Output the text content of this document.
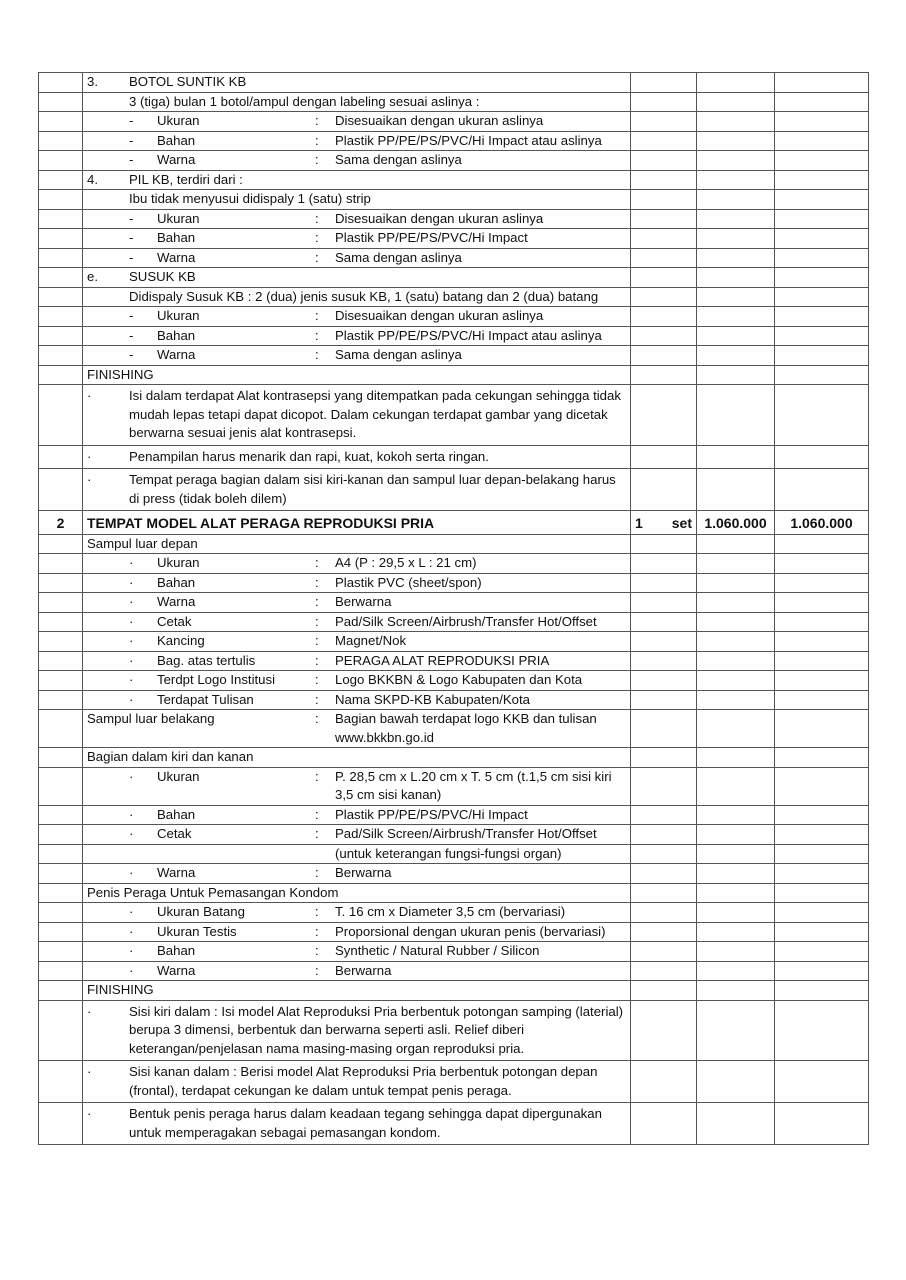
	3. BOTOL SUNTIK KB			

	3 (tiga) bulan 1 botol/ampul dengan labeling sesuai aslinya :			

	- Ukuran : Disesuaikan dengan ukuran aslinya			

	- Bahan : Plastik PP/PE/PS/PVC/Hi Impact atau aslinya			

	- Warna : Sama dengan aslinya			

	4. PIL KB, terdiri dari :			

	Ibu tidak menyusui didispaly 1 (satu) strip			

	- Ukuran : Disesuaikan dengan ukuran aslinya			

	- Bahan : Plastik PP/PE/PS/PVC/Hi Impact			

	- Warna : Sama dengan aslinya			

	e. SUSUK KB			

	Didispaly Susuk KB : 2 (dua) jenis susuk KB, 1 (satu) batang dan 2 (dua) batang			

	- Ukuran : Disesuaikan dengan ukuran aslinya			

	- Bahan : Plastik PP/PE/PS/PVC/Hi Impact atau aslinya			

	- Warna : Sama dengan aslinya			

	FINISHING			

	· Isi dalam terdapat Alat kontrasepsi yang ditempatkan pada cekungan sehingga tidak mudah lepas tetapi dapat dicopot. Dalam cekungan terdapat gambar yang dicetak berwarna sesuai jenis alat kontrasepsi.			

	· Penampilan harus menarik dan rapi, kuat, kokoh serta ringan.			

	· Tempat peraga bagian dalam sisi kiri-kanan dan sampul luar depan-belakang harus di press (tidak boleh dilem)			

2	TEMPAT MODEL ALAT PERAGA REPRODUKSI PRIA	1 set	1.060.000	1.060.000

	Sampul luar depan			

	· Ukuran : A4 (P : 29,5 x L : 21 cm)			

	· Bahan : Plastik PVC (sheet/spon)			

	· Warna : Berwarna			

	· Cetak : Pad/Silk Screen/Airbrush/Transfer Hot/Offset			

	· Kancing : Magnet/Nok			

	· Bag. atas tertulis : PERAGA ALAT REPRODUKSI PRIA			

	· Terdpt Logo Institusi : Logo BKKBN & Logo Kabupaten dan Kota			

	· Terdapat Tulisan : Nama SKPD-KB Kabupaten/Kota			

	Sampul luar belakang : Bagian bawah terdapat logo KKB dan tulisan www.bkkbn.go.id			

	Bagian dalam kiri dan kanan			

	· Ukuran : P. 28,5 cm x L.20 cm x T. 5 cm (t.1,5 cm sisi kiri 3,5 cm sisi kanan)			

	· Bahan : Plastik PP/PE/PS/PVC/Hi Impact			

	· Cetak : Pad/Silk Screen/Airbrush/Transfer Hot/Offset			

	(untuk keterangan fungsi-fungsi organ)			

	· Warna : Berwarna			

	Penis Peraga Untuk Pemasangan Kondom			

	· Ukuran Batang : T. 16 cm x Diameter 3,5 cm (bervariasi)			

	· Ukuran Testis : Proporsional dengan ukuran penis (bervariasi)			

	· Bahan : Synthetic / Natural Rubber / Silicon			

	· Warna : Berwarna			

	FINISHING			

	· Sisi kiri dalam : Isi model Alat Reproduksi Pria berbentuk potongan samping (laterial) berupa 3 dimensi, berbentuk dan berwarna seperti asli. Relief diberi keterangan/penjelasan nama masing-masing organ reproduksi pria.			

	· Sisi kanan dalam : Berisi model Alat Reproduksi Pria berbentuk potongan depan (frontal), terdapat cekungan ke dalam untuk tempat penis peraga.			

	· Bentuk penis peraga harus dalam keadaan tegang sehingga dapat dipergunakan untuk memperagakan sebagai pemasangan kondom.			
